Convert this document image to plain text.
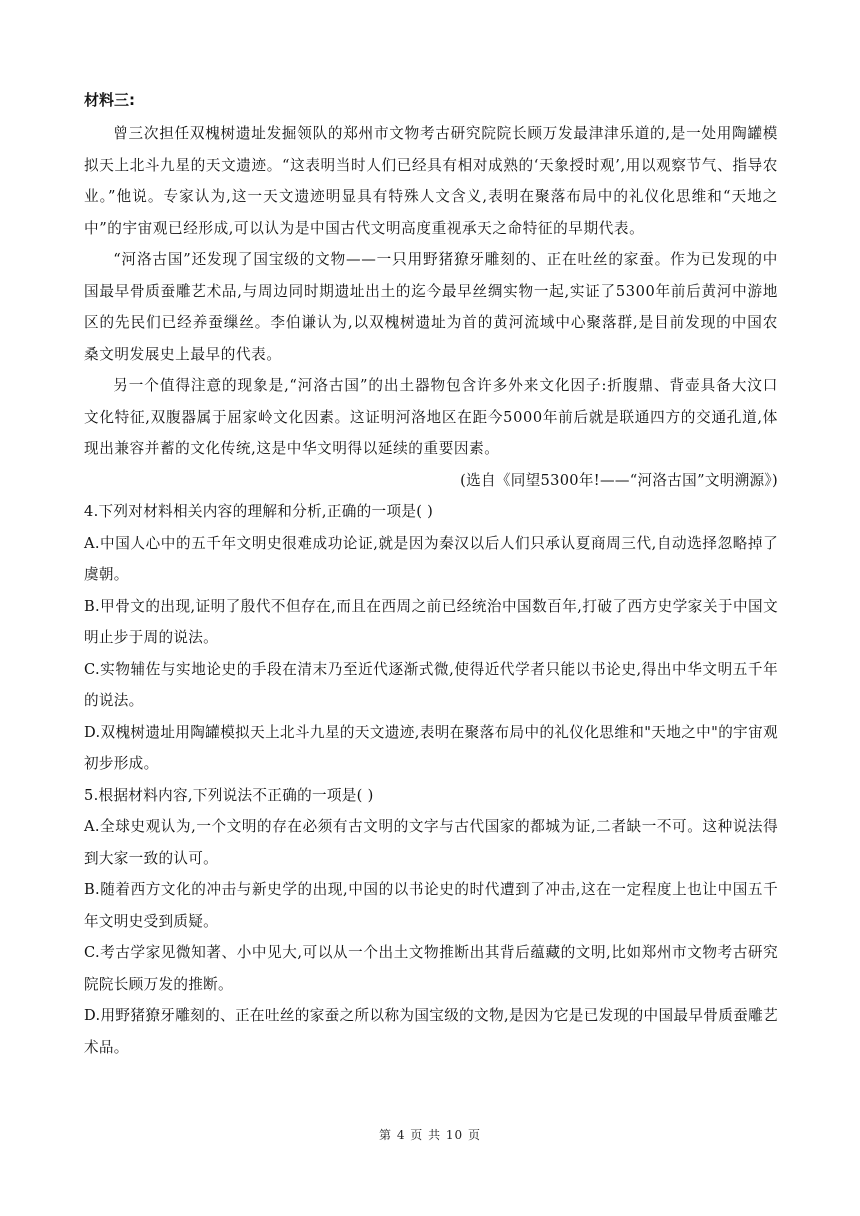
材料三:

曾三次担任双槐树遗址发掘领队的郑州市文物考古研究院院长顾万发最津津乐道的,是一处用陶罐模拟天上北斗九星的天文遗迹。“这表明当时人们已经具有相对成熟的‘天象授时观’,用以观察节气、指导农业。”他说。专家认为,这一天文遗迹明显具有特殊人文含义,表明在聚落布局中的礼仪化思维和“天地之中”的宇宙观已经形成,可以认为是中国古代文明高度重视承天之命特征的早期代表。

“河洛古国”还发现了国宝级的文物——一只用野猪獠牙雕刻的、正在吐丝的家蚕。作为已发现的中国最早骨质蚕雕艺术品,与周边同时期遗址出土的迄今最早丝绸实物一起,实证了5300年前后黄河中游地区的先民们已经养蚕缫丝。李伯谦认为,以双槐树遗址为首的黄河流域中心聚落群,是目前发现的中国农桑文明发展史上最早的代表。

另一个值得注意的现象是,“河洛古国”的出土器物包含许多外来文化因子:折腹鼎、背壶具备大汶口文化特征,双腹器属于屈家岭文化因素。这证明河洛地区在距今5000年前后就是联通四方的交通孔道,体现出兼容并蓄的文化传统,这是中华文明得以延续的重要因素。

(选自《同望5300年!——“河洛古国”文明溯源》)

4.下列对材料相关内容的理解和分析,正确的一项是( )

A.中国人心中的五千年文明史很难成功论证,就是因为秦汉以后人们只承认夏商周三代,自动选择忽略掉了虞朝。

B.甲骨文的出现,证明了殷代不但存在,而且在西周之前已经统治中国数百年,打破了西方史学家关于中国文明止步于周的说法。

C.实物辅佐与实地论史的手段在清末乃至近代逐渐式微,使得近代学者只能以书论史,得出中华文明五千年的说法。

D.双槐树遗址用陶罐模拟天上北斗九星的天文遗迹,表明在聚落布局中的礼仪化思维和"天地之中"的宇宙观初步形成。

5.根据材料内容,下列说法不正确的一项是( )

A.全球史观认为,一个文明的存在必须有古文明的文字与古代国家的都城为证,二者缺一不可。这种说法得到大家一致的认可。

B.随着西方文化的冲击与新史学的出现,中国的以书论史的时代遭到了冲击,这在一定程度上也让中国五千年文明史受到质疑。

C.考古学家见微知著、小中见大,可以从一个出土文物推断出其背后蕴藏的文明,比如郑州市文物考古研究院院长顾万发的推断。

D.用野猪獠牙雕刻的、正在吐丝的家蚕之所以称为国宝级的文物,是因为它是已发现的中国最早骨质蚕雕艺术品。

第 4 页 共 10 页
